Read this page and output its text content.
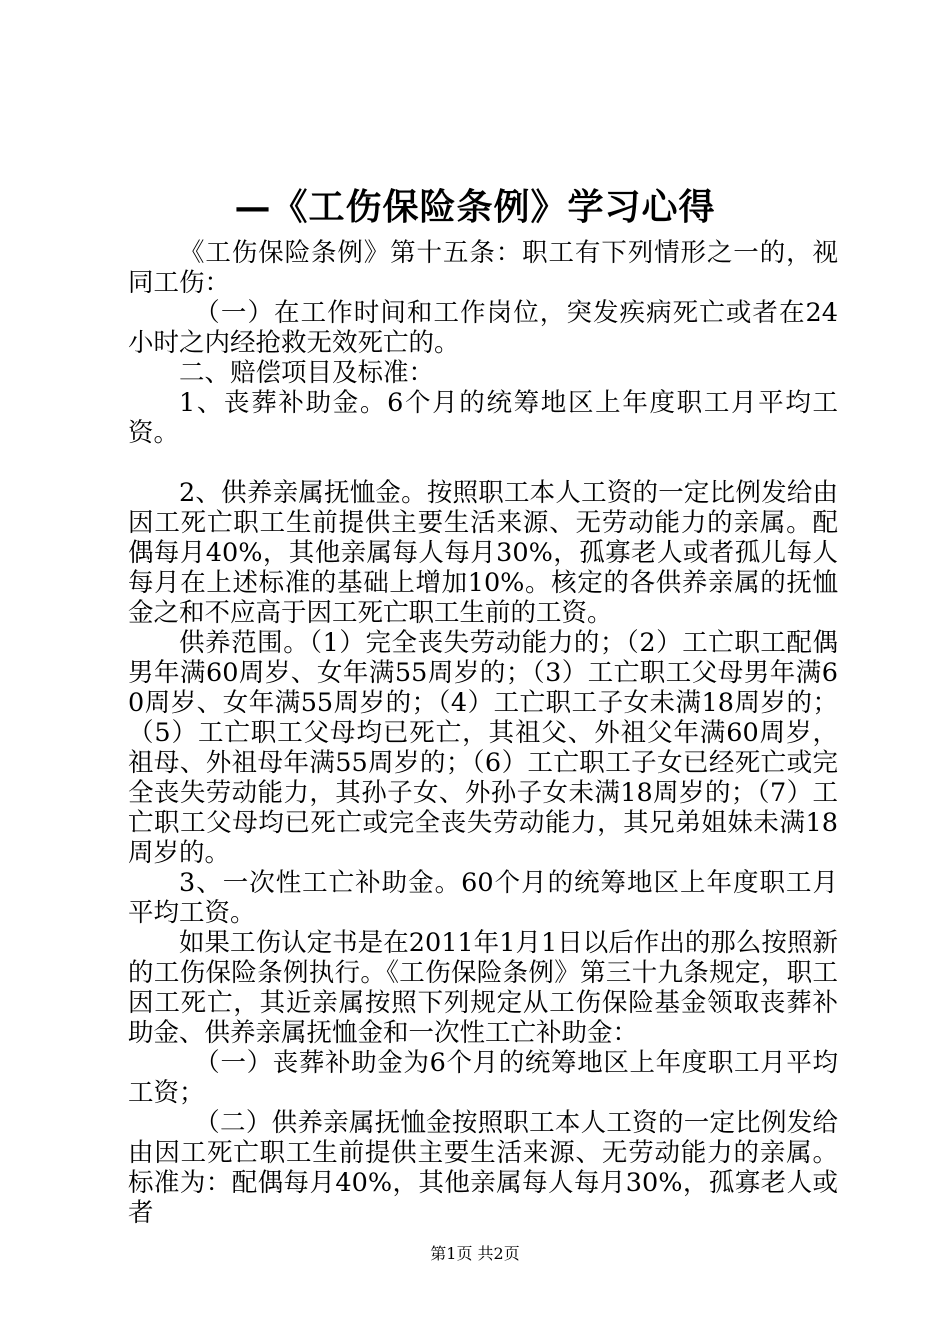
—《工伤保险条例》学习心得

《工伤保险条例》第十五条：职工有下列情形之一的，视同工伤：

（一）在工作时间和工作岗位，突发疾病死亡或者在24小时之内经抢救无效死亡的。

二、赔偿项目及标准：

1、丧葬补助金。6个月的统筹地区上年度职工月平均工资。

2、供养亲属抚恤金。按照职工本人工资的一定比例发给由因工死亡职工生前提供主要生活来源、无劳动能力的亲属。配偶每月40%，其他亲属每人每月30%，孤寡老人或者孤儿每人每月在上述标准的基础上增加10%。核定的各供养亲属的抚恤金之和不应高于因工死亡职工生前的工资。

供养范围。（1）完全丧失劳动能力的；（2）工亡职工配偶男年满60周岁、女年满55周岁的；（3）工亡职工父母男年满60周岁、女年满55周岁的；（4）工亡职工子女未满18周岁的；（5）工亡职工父母均已死亡，其祖父、外祖父年满60周岁，祖母、外祖母年满55周岁的；（6）工亡职工子女已经死亡或完全丧失劳动能力，其孙子女、外孙子女未满18周岁的；（7）工亡职工父母均已死亡或完全丧失劳动能力，其兄弟姐妹未满18周岁的。

3、一次性工亡补助金。60个月的统筹地区上年度职工月平均工资。

如果工伤认定书是在2011年1月1日以后作出的那么按照新的工伤保险条例执行。《工伤保险条例》第三十九条规定，职工因工死亡，其近亲属按照下列规定从工伤保险基金领取丧葬补助金、供养亲属抚恤金和一次性工亡补助金：

（一）丧葬补助金为6个月的统筹地区上年度职工月平均工资；

（二）供养亲属抚恤金按照职工本人工资的一定比例发给由因工死亡职工生前提供主要生活来源、无劳动能力的亲属。标准为：配偶每月40%，其他亲属每人每月30%，孤寡老人或者

第1页 共2页
